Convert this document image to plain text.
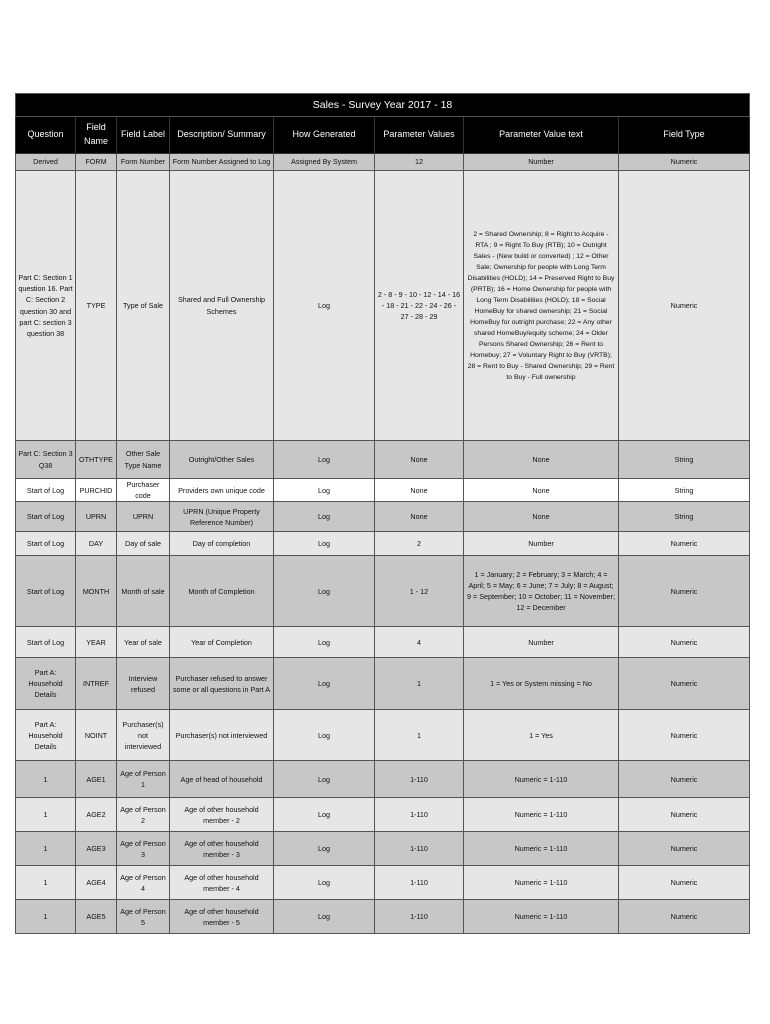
Sales - Survey Year 2017 - 18							
Question	Field Name	Field Label	Description/ Summary	How Generated	Parameter Values	Parameter Value text	Field Type
Derived	FORM	Form Number	Form Number Assigned to Log	Assigned By System	12	Number	Numeric
Part C: Section 1 question 16. Part C: Section 2 question 30 and part C: section 3 question 38	TYPE	Type of Sale	Shared and Full Ownership Schemes	Log	2 - 8 - 9 - 10 - 12 - 14 - 16 - 18 - 21 - 22 - 24 - 26 - 27 - 28 - 29	2 = Shared Ownership; 8 = Right to Acquire - RTA ; 9 = Right To Buy (RTB); 10 = Outright Sales - (New build or converted) ; 12 = Other Sale; Ownership for people with Long Term Disabilities (HOLD); 14 = Preserved Right to Buy (PRTB); 16 = Home Ownership for people with Long Term Disabilities (HOLD); 18 = Social HomeBuy for shared ownership; 21 = Social HomeBuy for outright purchase; 22 = Any other shared HomeBuy/equity scheme; 24 = Older Persons Shared Ownership; 26 = Rent to Homebuy; 27 = Voluntary Right to Buy (VRTB); 28 = Rent to Buy - Shared Ownership; 29 = Rent to Buy - Full ownership	Numeric
Part C: Section 3 Q38	OTHTYPE	Other Sale Type Name	Outright/Other Sales	Log	None	None	String
Start of Log	PURCHID	Purchaser code	Providers own unique code	Log	None	None	String
Start of Log	UPRN	UPRN	UPRN (Unique Property Reference Number)	Log	None	None	String
Start of Log	DAY	Day of sale	Day of completion	Log	2	Number	Numeric
Start of Log	MONTH	Month of sale	Month of Completion	Log	1 - 12	1 = January; 2 = February; 3 = March; 4 = April; 5 = May; 6 = June; 7 = July; 8 = August; 9 = September; 10 = October; 11 = November; 12 = December	Numeric
Start of Log	YEAR	Year of sale	Year of Completion	Log	4	Number	Numeric
Part A: Household Details	INTREF	Interview refused	Purchaser refused to answer some or all questions in Part A	Log	1	1 = Yes or System missing = No	Numeric
Part A: Household Details	NOINT	Purchaser(s) not interviewed	Purchaser(s) not interviewed	Log	1	1 = Yes	Numeric
1	AGE1	Age of Person 1	Age of head of household	Log	1-110	Numeric = 1-110	Numeric
1	AGE2	Age of Person 2	Age of other household member - 2	Log	1-110	Numeric = 1-110	Numeric
1	AGE3	Age of Person 3	Age of other household member - 3	Log	1-110	Numeric = 1-110	Numeric
1	AGE4	Age of Person 4	Age of other household member - 4	Log	1-110	Numeric = 1-110	Numeric
1	AGE5	Age of Person 5	Age of other household member - 5	Log	1-110	Numeric = 1-110	Numeric
